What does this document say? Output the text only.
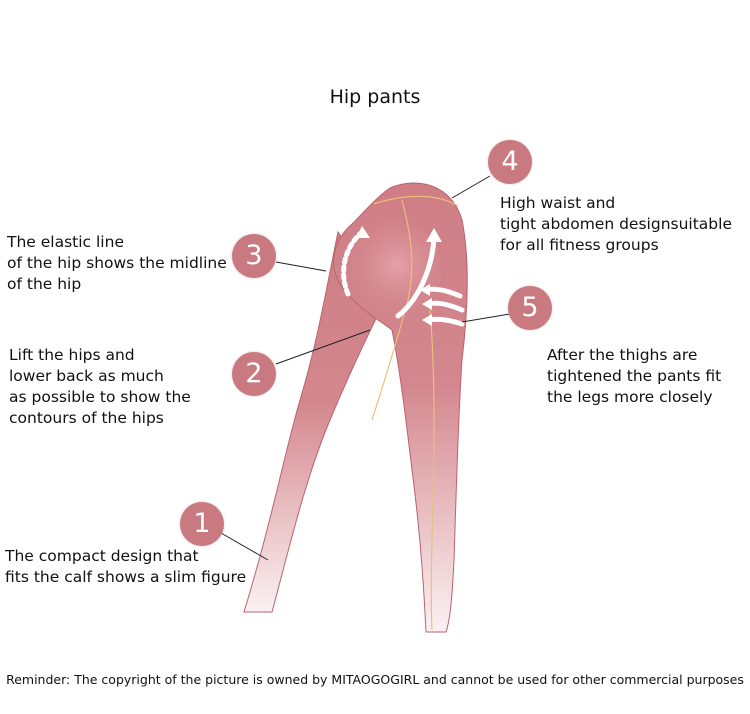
Hip pants
1
The compact design that
fits the calf shows a slim figure
2
Lift the hips and
lower back as much
as possible to show the
contours of the hips
3
The elastic line
of the hip shows the midline
of the hip
4
High waist and
tight abdomen designsuitable
for all fitness groups
5
After the thighs are
tightened the pants fit
the legs more closely
Reminder: The copyright of the picture is owned by MITAOGOGIRL and cannot be used for other commercial purposes
